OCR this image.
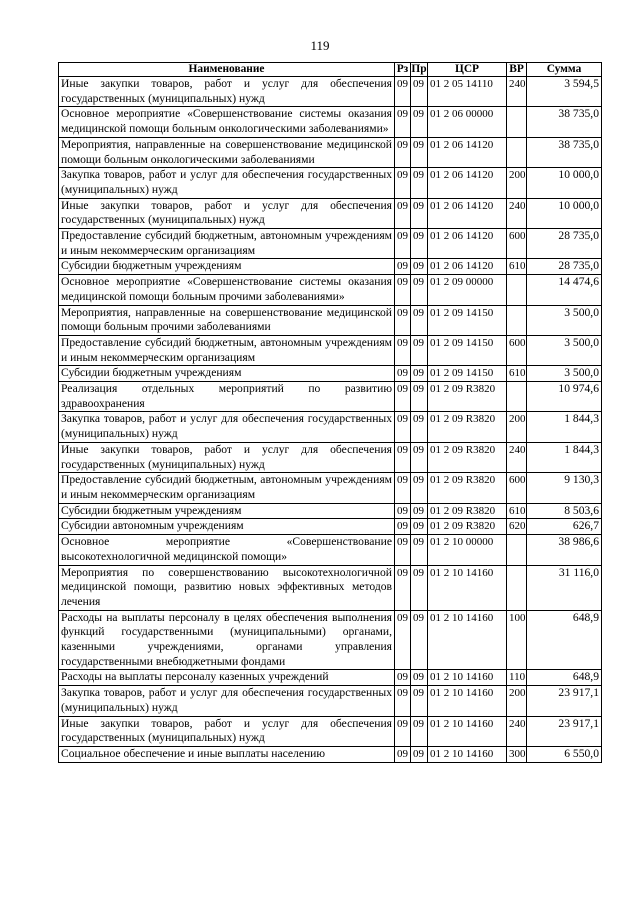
119
Наименование	Рз	Пр	ЦСР	ВР	Сумма
Иные закупки товаров, работ и услуг для обеспечения государственных (муниципальных) нужд	09	09	01 2 05 14110	240	3 594,5
Основное мероприятие «Совершенствование системы оказания медицинской помощи больным онкологическими заболеваниями»	09	09	01 2 06 00000		38 735,0
Мероприятия, направленные на совершенствование медицинской помощи больным онкологическими заболеваниями	09	09	01 2 06 14120		38 735,0
Закупка товаров, работ и услуг для обеспечения государственных (муниципальных) нужд	09	09	01 2 06 14120	200	10 000,0
Иные закупки товаров, работ и услуг для обеспечения государственных (муниципальных) нужд	09	09	01 2 06 14120	240	10 000,0
Предоставление субсидий бюджетным, автономным учреждениям и иным некоммерческим организациям	09	09	01 2 06 14120	600	28 735,0
Субсидии бюджетным учреждениям	09	09	01 2 06 14120	610	28 735,0
Основное мероприятие «Совершенствование системы оказания медицинской помощи больным прочими заболеваниями»	09	09	01 2 09 00000		14 474,6
Мероприятия, направленные на совершенствование медицинской помощи больным прочими заболеваниями	09	09	01 2 09 14150		3 500,0
Предоставление субсидий бюджетным, автономным учреждениям и иным некоммерческим организациям	09	09	01 2 09 14150	600	3 500,0
Субсидии бюджетным учреждениям	09	09	01 2 09 14150	610	3 500,0
Реализация отдельных мероприятий по развитию здравоохранения	09	09	01 2 09 R3820		10 974,6
Закупка товаров, работ и услуг для обеспечения государственных (муниципальных) нужд	09	09	01 2 09 R3820	200	1 844,3
Иные закупки товаров, работ и услуг для обеспечения государственных (муниципальных) нужд	09	09	01 2 09 R3820	240	1 844,3
Предоставление субсидий бюджетным, автономным учреждениям и иным некоммерческим организациям	09	09	01 2 09 R3820	600	9 130,3
Субсидии бюджетным учреждениям	09	09	01 2 09 R3820	610	8 503,6
Субсидии автономным учреждениям	09	09	01 2 09 R3820	620	626,7
Основное мероприятие «Совершенствование высокотехнологичной медицинской помощи»	09	09	01 2 10 00000		38 986,6
Мероприятия по совершенствованию высокотехнологичной медицинской помощи, развитию новых эффективных методов лечения	09	09	01 2 10 14160		31 116,0
Расходы на выплаты персоналу в целях обеспечения выполнения функций государственными (муниципальными) органами, казенными учреждениями, органами управления государственными внебюджетными фондами	09	09	01 2 10 14160	100	648,9
Расходы на выплаты персоналу казенных учреждений	09	09	01 2 10 14160	110	648,9
Закупка товаров, работ и услуг для обеспечения государственных (муниципальных) нужд	09	09	01 2 10 14160	200	23 917,1
Иные закупки товаров, работ и услуг для обеспечения государственных (муниципальных) нужд	09	09	01 2 10 14160	240	23 917,1
Социальное обеспечение и иные выплаты населению	09	09	01 2 10 14160	300	6 550,0
